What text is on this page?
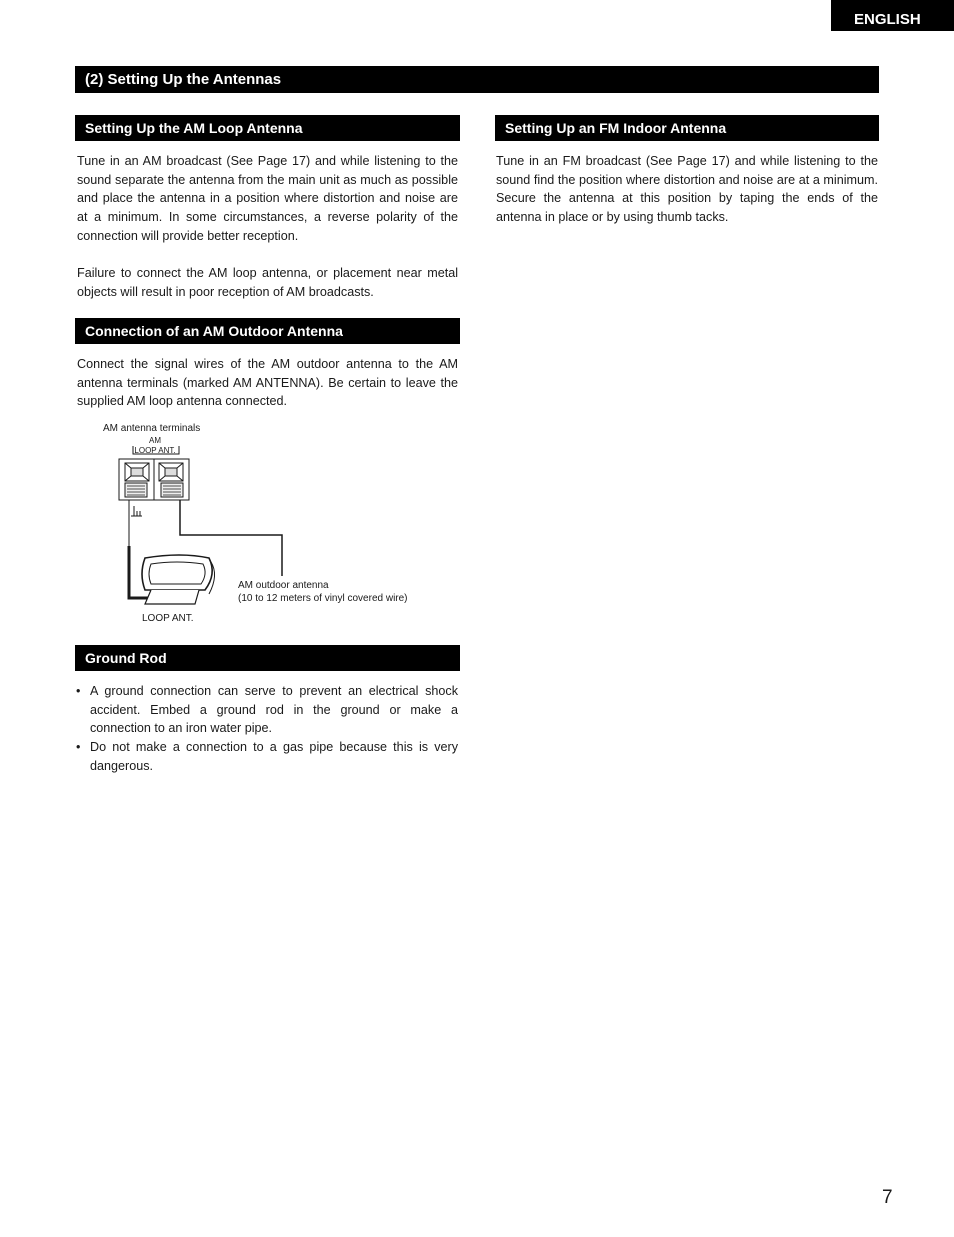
ENGLISH
(2) Setting Up the Antennas
Setting Up the AM Loop Antenna

Tune in an AM broadcast (See Page 17) and while listening to the sound separate the antenna from the main unit as much as possible and place the antenna in a position where distortion and noise are at a minimum. In some circumstances, a reverse polarity of the connection will provide better reception.

Failure to connect the AM loop antenna, or placement near metal objects will result in poor reception of AM broadcasts.

Connection of an AM Outdoor Antenna

Connect the signal wires of the AM outdoor antenna to the AM antenna terminals (marked AM ANTENNA). Be certain to leave the supplied AM loop antenna connected.

AM antenna terminals
AM
LOOP ANT.
AM outdoor antenna
(10 to 12 meters of vinyl covered wire)
LOOP ANT.
Ground Rod
• A ground connection can serve to prevent an electrical shock accident. Embed a ground rod in the ground or make a connection to an iron water pipe.
• Do not make a connection to a gas pipe because this is very dangerous.
Setting Up an FM Indoor Antenna

Tune in an FM broadcast (See Page 17) and while listening to the sound find the position where distortion and noise are at a minimum. Secure the antenna at this position by taping the ends of the antenna in place or by using thumb tacks.

7
